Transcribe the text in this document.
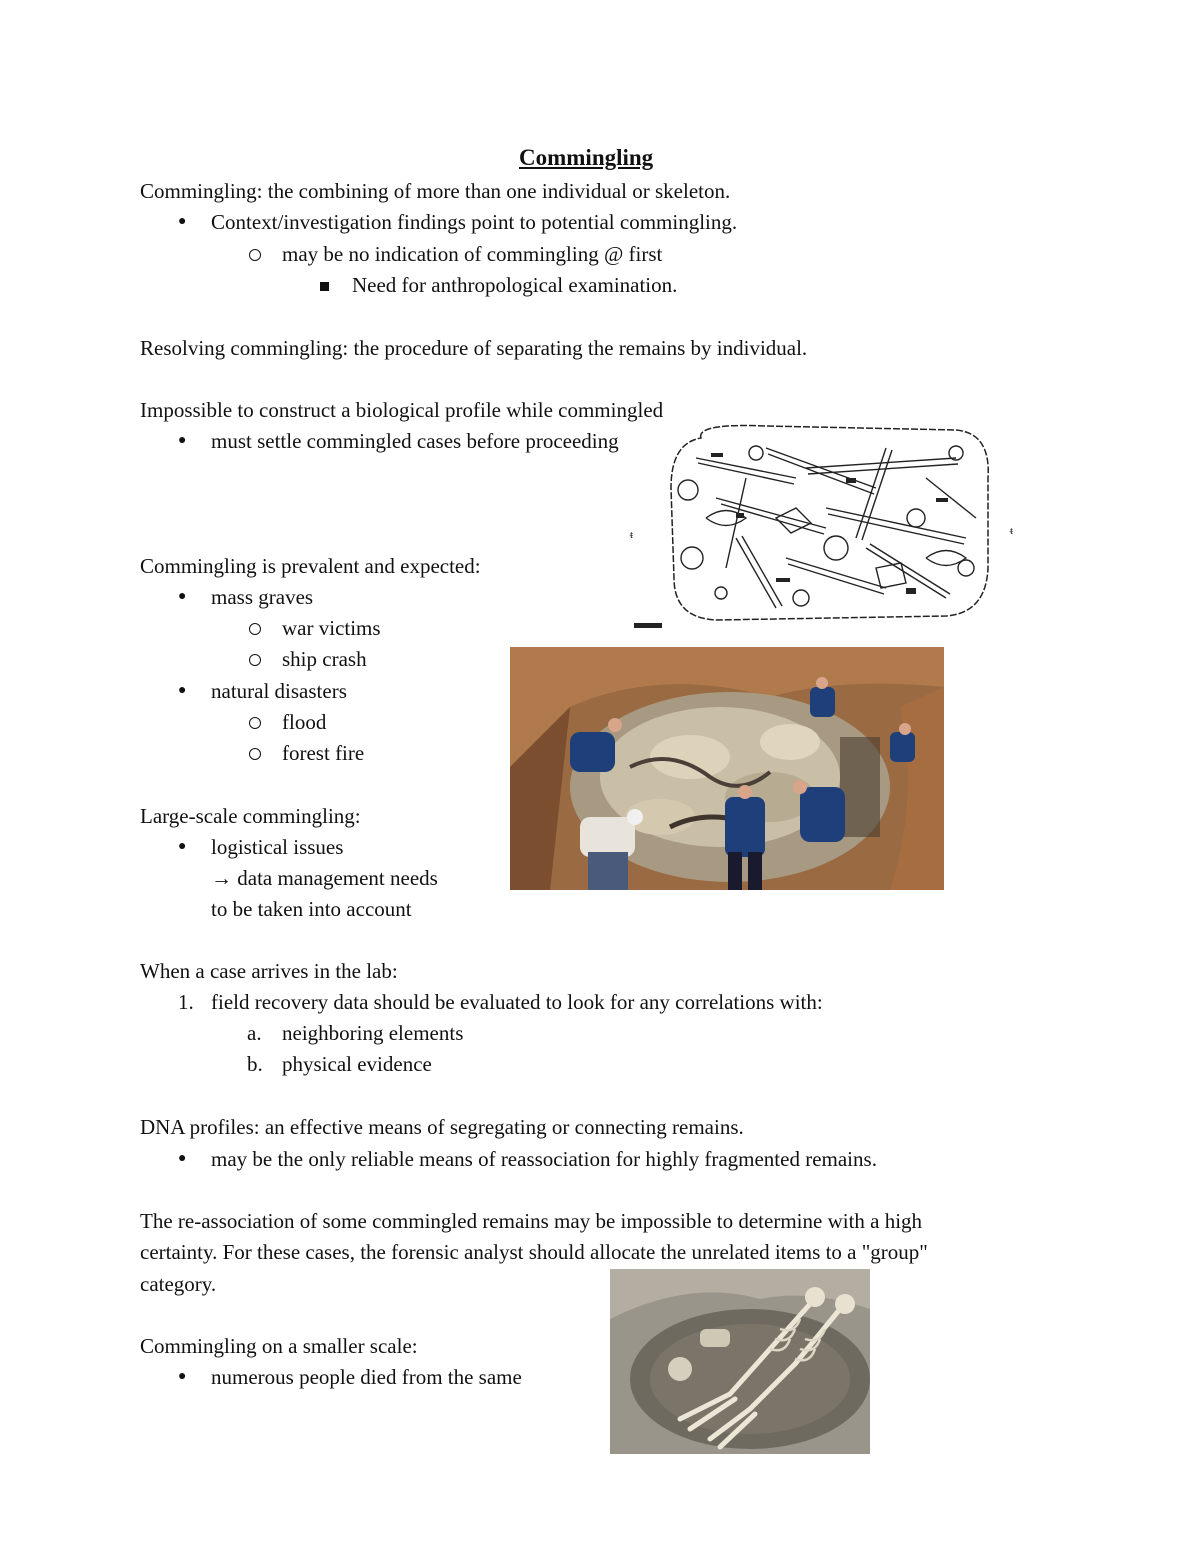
Commingling
Commingling: the combining of more than one individual or skeleton.
● Context/investigation findings point to potential commingling.
may be no indication of commingling @ first
Need for anthropological examination.
Resolving commingling: the procedure of separating the remains by individual.
Impossible to construct a biological profile while commingled
● must settle commingled cases before proceeding
Commingling is prevalent and expected:
● mass graves
war victims
ship crash
● natural disasters
flood
forest fire
Large-scale commingling:
● logistical issues
→ data management needs
to be taken into account
When a case arrives in the lab:
1. field recovery data should be evaluated to look for any correlations with:
a. neighboring elements
b. physical evidence
DNA profiles: an effective means of segregating or connecting remains.
● may be the only reliable means of reassociation for highly fragmented remains.
The re-association of some commingled remains may be impossible to determine with a high
certainty. For these cases, the forensic analyst should allocate the unrelated items to a "group"
category.
Commingling on a smaller scale:
● numerous people died from the same
ᵵ	ᵵ
